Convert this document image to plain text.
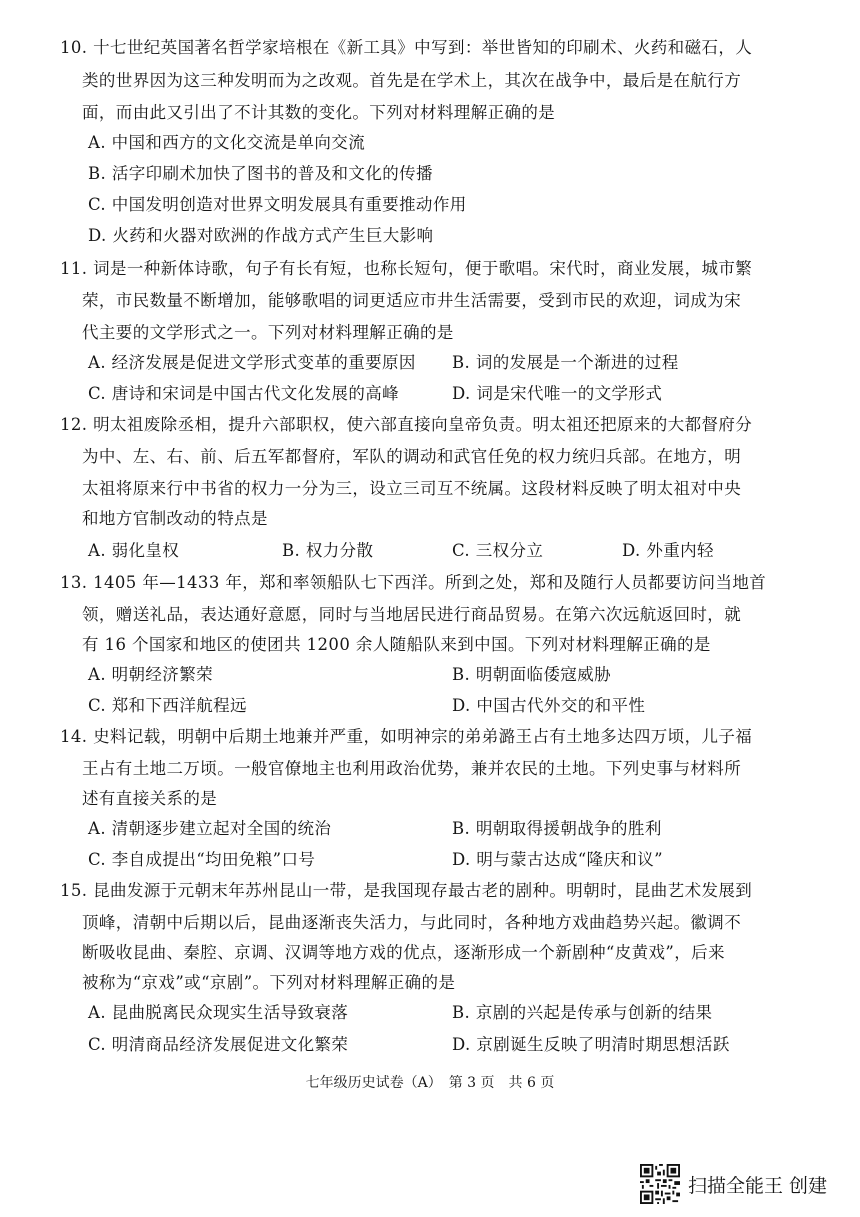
10. 十七世纪英国著名哲学家培根在《新工具》中写到：举世皆知的印刷术、火药和磁石，人
类的世界因为这三种发明而为之改观。首先是在学术上，其次在战争中，最后是在航行方
面，而由此又引出了不计其数的变化。下列对材料理解正确的是
A. 中国和西方的文化交流是单向交流
B. 活字印刷术加快了图书的普及和文化的传播
C. 中国发明创造对世界文明发展具有重要推动作用
D. 火药和火器对欧洲的作战方式产生巨大影响
11. 词是一种新体诗歌，句子有长有短，也称长短句，便于歌唱。宋代时，商业发展，城市繁
荣，市民数量不断增加，能够歌唱的词更适应市井生活需要，受到市民的欢迎，词成为宋
代主要的文学形式之一。下列对材料理解正确的是
A. 经济发展是促进文学形式变革的重要原因 B. 词的发展是一个渐进的过程
C. 唐诗和宋词是中国古代文化发展的高峰	D. 词是宋代唯一的文学形式
12. 明太祖废除丞相，提升六部职权，使六部直接向皇帝负责。明太祖还把原来的大都督府分
为中、左、右、前、后五军都督府，军队的调动和武官任免的权力统归兵部。在地方，明
太祖将原来行中书省的权力一分为三，设立三司互不统属。这段材料反映了明太祖对中央
和地方官制改动的特点是
A. 弱化皇权	B. 权力分散	C. 三权分立	D. 外重内轻
13. 1405 年—1433 年，郑和率领船队七下西洋。所到之处，郑和及随行人员都要访问当地首
领，赠送礼品，表达通好意愿，同时与当地居民进行商品贸易。在第六次远航返回时，就
有 16 个国家和地区的使团共 1200 余人随船队来到中国。下列对材料理解正确的是
A. 明朝经济繁荣	B. 明朝面临倭寇威胁
C. 郑和下西洋航程远	D. 中国古代外交的和平性
14. 史料记载，明朝中后期土地兼并严重，如明神宗的弟弟潞王占有土地多达四万顷，儿子福
王占有土地二万顷。一般官僚地主也利用政治优势，兼并农民的土地。下列史事与材料所
述有直接关系的是
A. 清朝逐步建立起对全国的统治	B. 明朝取得援朝战争的胜利
C. 李自成提出“均田免粮”口号	D. 明与蒙古达成“隆庆和议”
15. 昆曲发源于元朝末年苏州昆山一带，是我国现存最古老的剧种。明朝时，昆曲艺术发展到
顶峰，清朝中后期以后，昆曲逐渐丧失活力，与此同时，各种地方戏曲趋势兴起。徽调不
断吸收昆曲、秦腔、京调、汉调等地方戏的优点，逐渐形成一个新剧种“皮黄戏”，后来
被称为“京戏”或“京剧”。下列对材料理解正确的是
A. 昆曲脱离民众现实生活导致衰落	B. 京剧的兴起是传承与创新的结果
C. 明清商品经济发展促进文化繁荣	D. 京剧诞生反映了明清时期思想活跃
七年级历史试卷（A）　第 3 页　共 6 页
扫描全能王 创建
